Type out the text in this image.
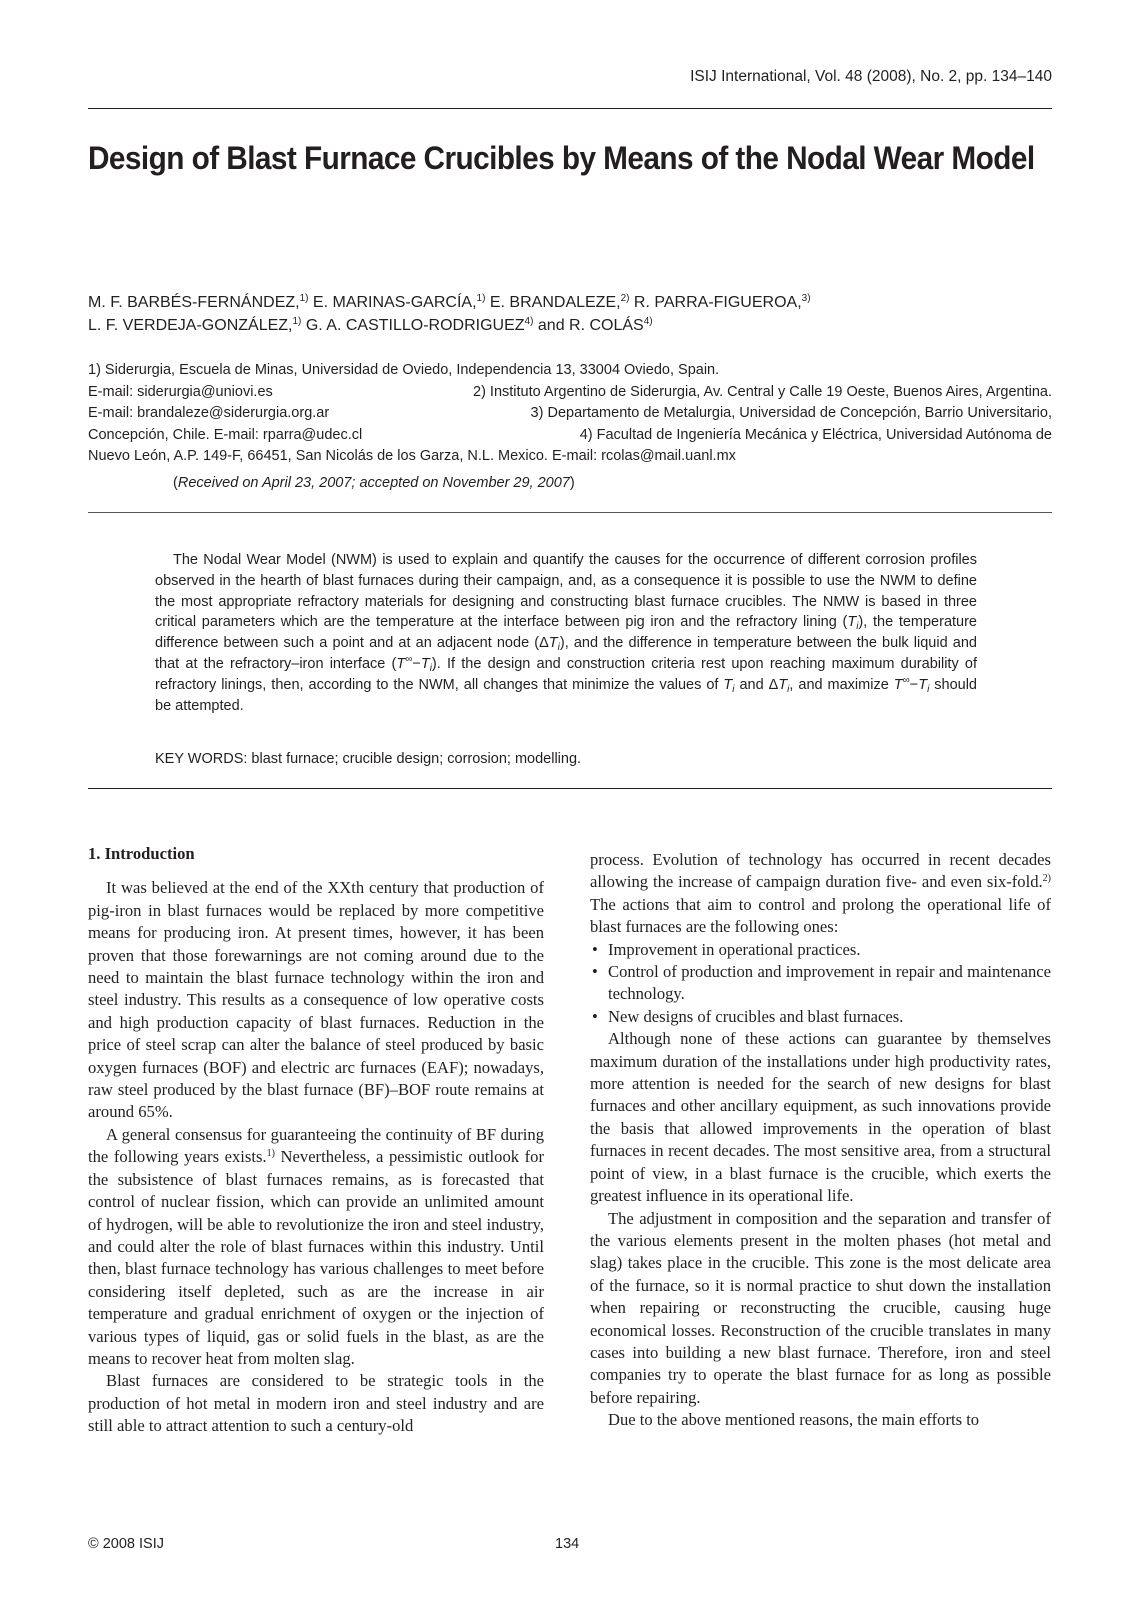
ISIJ International, Vol. 48 (2008), No. 2, pp. 134–140
Design of Blast Furnace Crucibles by Means of the Nodal Wear Model
M. F. BARBÉS-FERNÁNDEZ,$^{1)}$ E. MARINAS-GARCÍA,$^{1)}$ E. BRANDALEZE,$^{2)}$ R. PARRA-FIGUEROA,$^{3)}$
L. F. VERDEJA-GONZÁLEZ,$^{1)}$ G. A. CASTILLO-RODRIGUEZ$^{4)}$ and R. COLÁS$^{4)}$
1) Siderurgia, Escuela de Minas, Universidad de Oviedo, Independencia 13, 33004 Oviedo, Spain.
E-mail: siderurgia@uniovi.es	2) Instituto Argentino de Siderurgia, Av. Central y Calle 19 Oeste, Buenos Aires, Argentina.
E-mail: brandaleze@siderurgia.org.ar	3) Departamento de Metalurgia, Universidad de Concepción, Barrio Universitario,
Concepción, Chile. E-mail: rparra@udec.cl	4) Facultad de Ingeniería Mecánica y Eléctrica, Universidad Autónoma de
Nuevo León, A.P. 149-F, 66451, San Nicolás de los Garza, N.L. Mexico. E-mail: rcolas@mail.uanl.mx
(Received on April 23, 2007; accepted on November 29, 2007)

The Nodal Wear Model (NWM) is used to explain and quantify the causes for the occurrence of different corrosion profiles observed in the hearth of blast furnaces during their campaign, and, as a consequence it is possible to use the NWM to define the most appropriate refractory materials for designing and constructing blast furnace crucibles. The NMW is based in three critical parameters which are the temperature at the interface between pig iron and the refractory lining $(T_i)$, the temperature difference between such a point and at an adjacent node $(\Delta T_i)$, and the difference in temperature between the bulk liquid and that at the refractory–iron interface $(T^\infty-T_i)$. If the design and construction criteria rest upon reaching maximum durability of refractory linings, then, according to the NWM, all changes that minimize the values of $T_i$ and $\Delta T_i$, and maximize $T^\infty-T_i$ should be attempted.

KEY WORDS: blast furnace; crucible design; corrosion; modelling.

1. Introduction

It was believed at the end of the XXth century that production of pig-iron in blast furnaces would be replaced by more competitive means for producing iron. At present times, however, it has been proven that those forewarnings are not coming around due to the need to maintain the blast furnace technology within the iron and steel industry. This results as a consequence of low operative costs and high production capacity of blast furnaces. Reduction in the price of steel scrap can alter the balance of steel produced by basic oxygen furnaces (BOF) and electric arc furnaces (EAF); nowadays, raw steel produced by the blast furnace (BF)–BOF route remains at around 65%.

A general consensus for guaranteeing the continuity of BF during the following years exists.$^{1)}$ Nevertheless, a pessimistic outlook for the subsistence of blast furnaces remains, as is forecasted that control of nuclear fission, which can provide an unlimited amount of hydrogen, will be able to revolutionize the iron and steel industry, and could alter the role of blast furnaces within this industry. Until then, blast furnace technology has various challenges to meet before considering itself depleted, such as are the increase in air temperature and gradual enrichment of oxygen or the injection of various types of liquid, gas or solid fuels in the blast, as are the means to recover heat from molten slag.

Blast furnaces are considered to be strategic tools in the production of hot metal in modern iron and steel industry and are still able to attract attention to such a century-old

process. Evolution of technology has occurred in recent decades allowing the increase of campaign duration five- and even six-fold.$^{2)}$ The actions that aim to control and prolong the operational life of blast furnaces are the following ones:

• Improvement in operational practices.
• Control of production and improvement in repair and maintenance technology.
• New designs of crucibles and blast furnaces.

Although none of these actions can guarantee by themselves maximum duration of the installations under high productivity rates, more attention is needed for the search of new designs for blast furnaces and other ancillary equipment, as such innovations provide the basis that allowed improvements in the operation of blast furnaces in recent decades. The most sensitive area, from a structural point of view, in a blast furnace is the crucible, which exerts the greatest influence in its operational life.

The adjustment in composition and the separation and transfer of the various elements present in the molten phases (hot metal and slag) takes place in the crucible. This zone is the most delicate area of the furnace, so it is normal practice to shut down the installation when repairing or reconstructing the crucible, causing huge economical losses. Reconstruction of the crucible translates in many cases into building a new blast furnace. Therefore, iron and steel companies try to operate the blast furnace for as long as possible before repairing.

Due to the above mentioned reasons, the main efforts to

© 2008 ISIJ	134
